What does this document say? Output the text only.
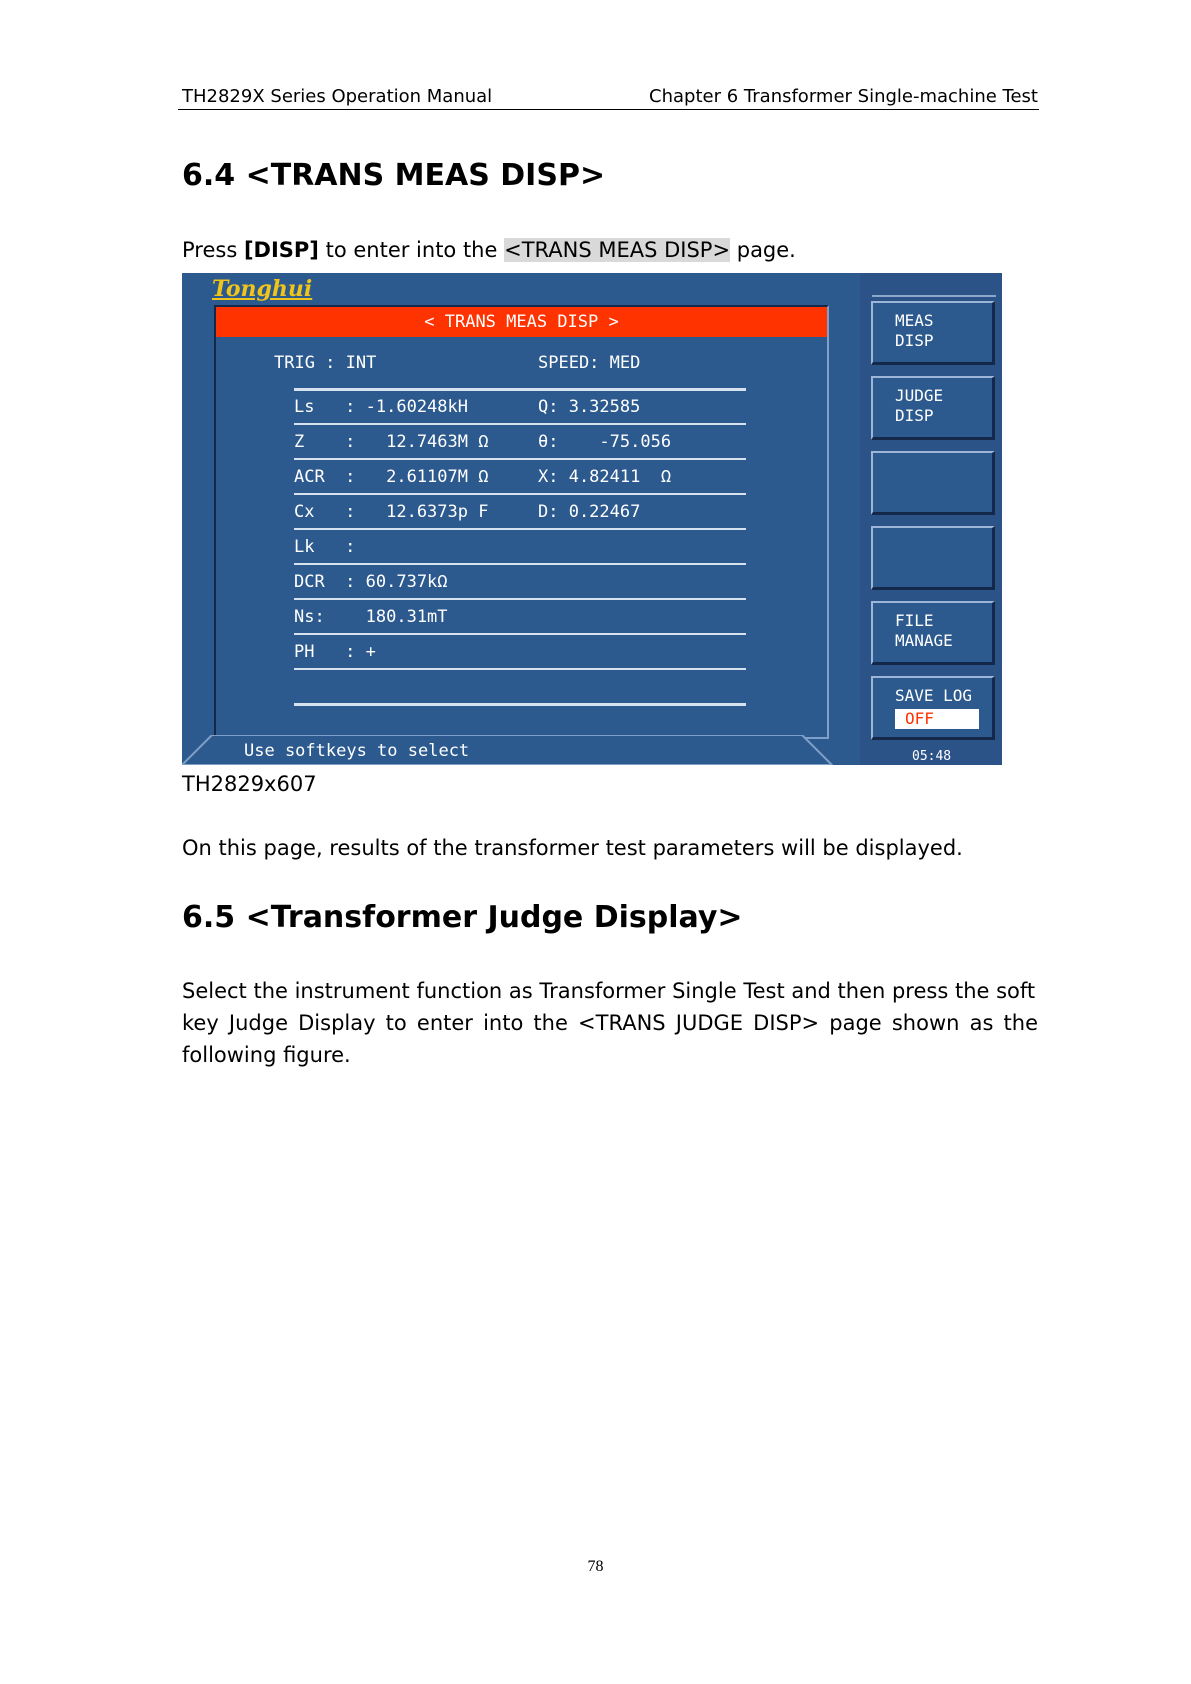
TH2829X Series Operation Manual	Chapter 6 Transformer Single-machine Test
6.4 <TRANS MEAS DISP>

Press [DISP] to enter into the <TRANS MEAS DISP> page.

Tonghui
< TRANS MEAS DISP >
TRIG : INT	SPEED: MED
Ls   : -1.60248kH	Q: 3.32585
Z    :   12.7463M Ω	θ:    -75.056
ACR  :   2.61107M Ω	X: 4.82411  Ω
Cx   :   12.6373p F	D: 0.22467
Lk   :
DCR  : 60.737kΩ
Ns:    180.31mT
PH   : +
Use softkeys to select
MEAS
DISP
JUDGE
DISP
FILE
MANAGE
SAVE LOG
OFF
05:48

TH2829x607

On this page, results of the transformer test parameters will be displayed.

6.5 <Transformer Judge Display>

Select the instrument function as Transformer Single Test and then press the soft

key Judge Display to enter into the <TRANS JUDGE DISP> page shown as the

following figure.

78
